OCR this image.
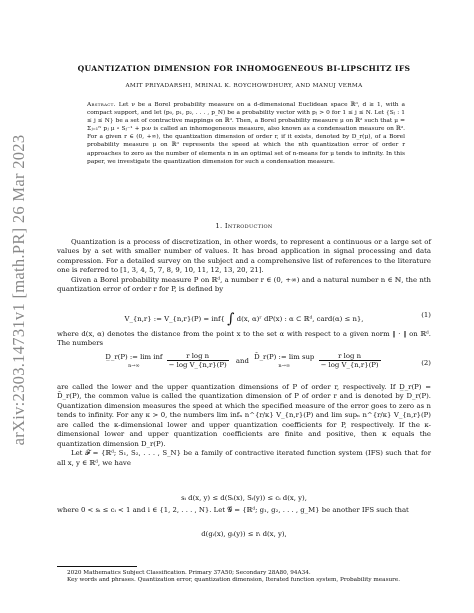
arXiv:2303.14731v1 [math.PR] 26 Mar 2023
QUANTIZATION DIMENSION FOR INHOMOGENEOUS BI-LIPSCHITZ IFS
AMIT PRIYADARSHI, MRINAL K. ROYCHOWDHURY, AND MANUJ VERMA
Abstract. Let ν be a Borel probability measure on a d-dimensional Euclidean space ℝᵈ, d ≥ 1, with a compact support, and let (p₀, p₁, p₂, . . . , p_N) be a probability vector with pⱼ > 0 for 1 ≤ j ≤ N. Let {Sⱼ : 1 ≤ j ≤ N} be a set of contractive mappings on ℝᵈ. Then, a Borel probability measure μ on ℝᵈ such that μ = Σⱼ₌₁ᴺ pⱼ μ ∘ Sⱼ⁻¹ + p₀ν is called an inhomogeneous measure, also known as a condensation measure on ℝᵈ. For a given r ∈ (0, +∞), the quantization dimension of order r, if it exists, denoted by D_r(μ), of a Borel probability measure μ on ℝᵈ represents the speed at which the nth quantization error of order r approaches to zero as the number of elements n in an optimal set of n-means for μ tends to infinity. In this paper, we investigate the quantization dimension for such a condensation measure.
1. Introduction

Quantization is a process of discretization, in other words, to represent a continuous or a large set of values by a set with smaller number of values. It has broad application in signal processing and data compression. For a detailed survey on the subject and a comprehensive list of references to the literature one is referred to [1, 3, 4, 5, 7, 8, 9, 10, 11, 12, 13, 20, 21].

Given a Borel probability measure P on ℝᵈ, a number r ∈ (0, +∞) and a natural number n ∈ ℕ, the nth quantization error of order r for P, is defined by

V_{n,r} := V_{n,r}(P) = inf{ ∫ d(x, α)ʳ dP(x) : α ⊂ ℝᵈ, card(α) ≤ n},	(1)

where d(x, α) denotes the distance from the point x to the set α with respect to a given norm ‖ · ‖ on ℝᵈ. The numbers

D̲_r(P) := lim inf
n→∞	$\frac{\text{r log n}}{\text{− log V\_\{n,r\}(P)}}$ and D̄_r(P) := lim sup
n→∞	$\frac{\text{r log n}}{\text{− log V\_\{n,r\}(P)}}$	(2)

are called the lower and the upper quantization dimensions of P of order r, respectively. If D̲_r(P) = D̄_r(P), the common value is called the quantization dimension of P of order r and is denoted by D_r(P). Quantization dimension measures the speed at which the specified measure of the error goes to zero as n tends to infinity. For any κ > 0, the numbers lim infₙ n^{r/κ} V_{n,r}(P) and lim supₙ n^{r/κ} V_{n,r}(P) are called the κ-dimensional lower and upper quantization coefficients for P, respectively. If the κ-dimensional lower and upper quantization coefficients are finite and positive, then κ equals the quantization dimension D_r(P).

Let 𝓕 = {ℝᵈ; S₁, S₂, . . . , S_N} be a family of contractive iterated function system (IFS) such that for all x, y ∈ ℝᵈ, we have

sᵢ d(x, y) ≤ d(Sᵢ(x), Sᵢ(y)) ≤ cᵢ d(x, y),

where 0 < sᵢ ≤ cᵢ < 1 and i ∈ {1, 2, . . . , N}. Let 𝓖 = {ℝᵈ; g₁, g₂, . . . , g_M} be another IFS such that

d(gᵢ(x), gᵢ(y)) ≤ rᵢ d(x, y),

2020 Mathematics Subject Classification. Primary 37A50; Secondary 28A80, 94A34.

Key words and phrases. Quantization error, quantization dimension, Iterated function system, Probability measure.
